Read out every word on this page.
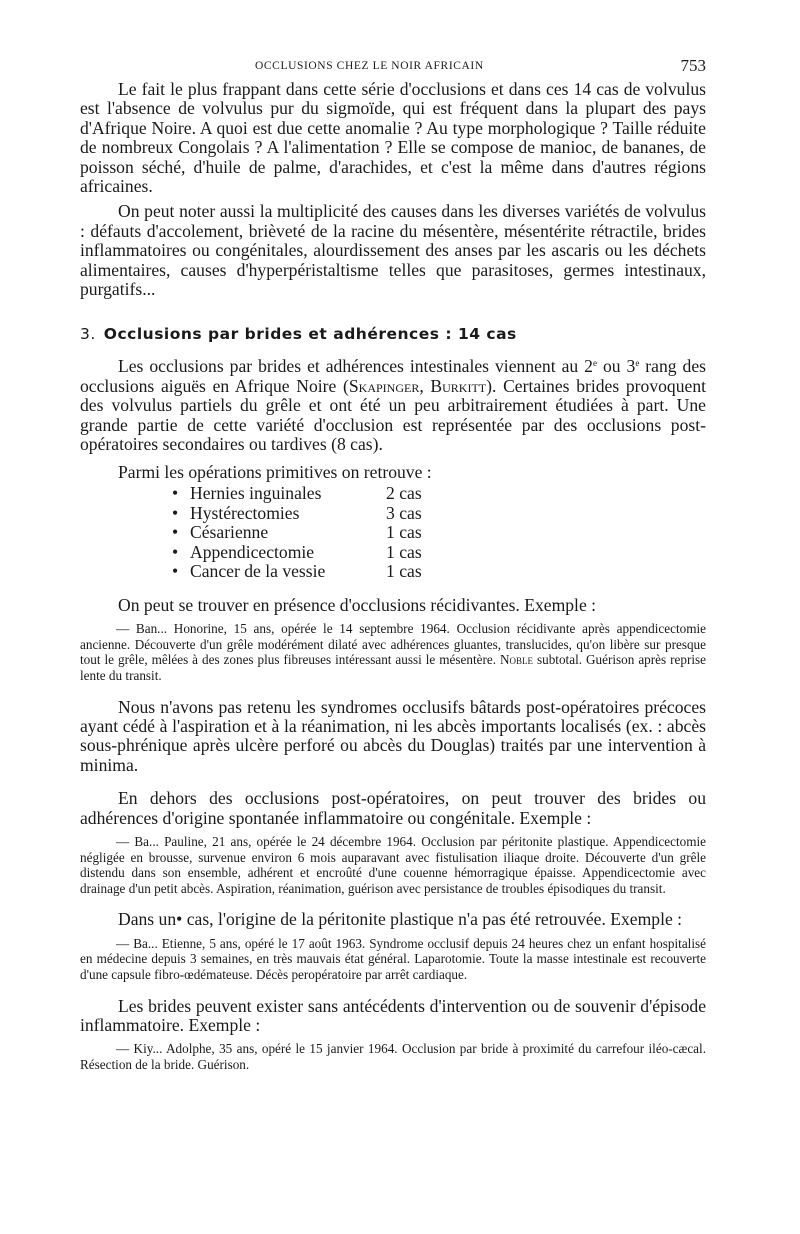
OCCLUSIONS CHEZ LE NOIR AFRICAIN	753

Le fait le plus frappant dans cette série d'occlusions et dans ces 14 cas de volvulus est l'absence de volvulus pur du sigmoïde, qui est fréquent dans la plupart des pays d'Afrique Noire. A quoi est due cette anomalie ? Au type morphologique ? Taille réduite de nombreux Congolais ? A l'alimentation ? Elle se compose de manioc, de bananes, de poisson séché, d'huile de palme, d'arachides, et c'est la même dans d'autres régions africaines.

On peut noter aussi la multiplicité des causes dans les diverses variétés de volvulus : défauts d'accolement, brièveté de la racine du mésentère, mésentérite rétractile, brides inflammatoires ou congénitales, alourdissement des anses par les ascaris ou les déchets alimentaires, causes d'hyperpéristaltisme telles que parasitoses, germes intestinaux, purgatifs...

3. Occlusions par brides et adhérences : 14 cas

Les occlusions par brides et adhérences intestinales viennent au 2e ou 3e rang des occlusions aiguës en Afrique Noire (Skapinger, Burkitt). Certaines brides provoquent des volvulus partiels du grêle et ont été un peu arbitrairement étudiées à part. Une grande partie de cette variété d'occlusion est représentée par des occlusions post-opératoires secondaires ou tardives (8 cas).

Parmi les opérations primitives on retrouve :
• Hernies inguinales	2 cas
• Hystérectomies	3 cas
• Césarienne	1 cas
• Appendicectomie	1 cas
• Cancer de la vessie	1 cas

On peut se trouver en présence d'occlusions récidivantes. Exemple :

— Ban... Honorine, 15 ans, opérée le 14 septembre 1964. Occlusion récidivante après appendicectomie ancienne. Découverte d'un grêle modérément dilaté avec adhérences gluantes, translucides, qu'on libère sur presque tout le grêle, mêlées à des zones plus fibreuses intéressant aussi le mésentère. Noble subtotal. Guérison après reprise lente du transit.

Nous n'avons pas retenu les syndromes occlusifs bâtards post-opératoires précoces ayant cédé à l'aspiration et à la réanimation, ni les abcès importants localisés (ex. : abcès sous-phrénique après ulcère perforé ou abcès du Douglas) traités par une intervention à minima.

En dehors des occlusions post-opératoires, on peut trouver des brides ou adhérences d'origine spontanée inflammatoire ou congénitale. Exemple :

— Ba... Pauline, 21 ans, opérée le 24 décembre 1964. Occlusion par péritonite plastique. Appendicectomie négligée en brousse, survenue environ 6 mois auparavant avec fistulisation iliaque droite. Découverte d'un grêle distendu dans son ensemble, adhérent et encroûté d'une couenne hémorragique épaisse. Appendicectomie avec drainage d'un petit abcès. Aspiration, réanimation, guérison avec persistance de troubles épisodiques du transit.

Dans un• cas, l'origine de la péritonite plastique n'a pas été retrouvée. Exemple :

— Ba... Etienne, 5 ans, opéré le 17 août 1963. Syndrome occlusif depuis 24 heures chez un enfant hospitalisé en médecine depuis 3 semaines, en très mauvais état général. Laparotomie. Toute la masse intestinale est recouverte d'une capsule fibro-œdémateuse. Décès peropératoire par arrêt cardiaque.

Les brides peuvent exister sans antécédents d'intervention ou de souvenir d'épisode inflammatoire. Exemple :

— Kiy... Adolphe, 35 ans, opéré le 15 janvier 1964. Occlusion par bride à proximité du carrefour iléo-cæcal. Résection de la bride. Guérison.
